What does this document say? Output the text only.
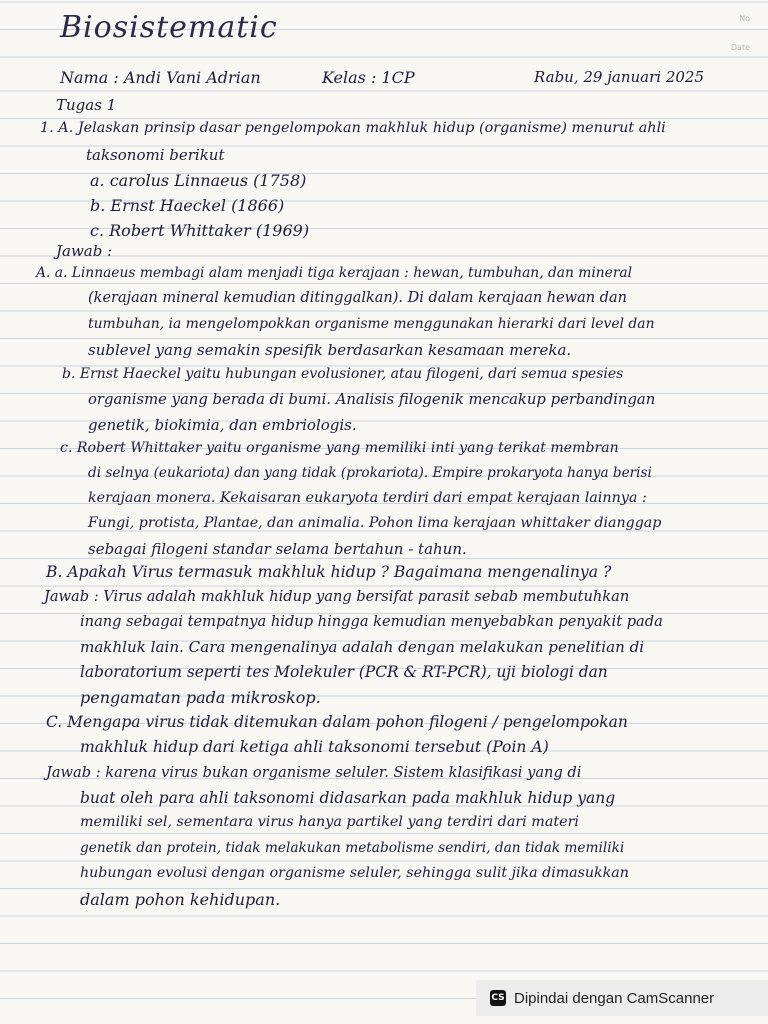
No
Date
Biosistematic
Nama : Andi Vani Adrian	Kelas : 1CP	Rabu, 29 januari 2025
Tugas 1
1. A. Jelaskan prinsip dasar pengelompokan makhluk hidup (organisme) menurut ahli
taksonomi berikut
a. carolus Linnaeus (1758)
b. Ernst Haeckel (1866)
c. Robert Whittaker (1969)
Jawab :
A. a. Linnaeus membagi alam menjadi tiga kerajaan : hewan, tumbuhan, dan mineral
(kerajaan mineral kemudian ditinggalkan). Di dalam kerajaan hewan dan
tumbuhan, ia mengelompokkan organisme menggunakan hierarki dari level dan
sublevel yang semakin spesifik berdasarkan kesamaan mereka.
b. Ernst Haeckel yaitu hubungan evolusioner, atau filogeni, dari semua spesies
organisme yang berada di bumi. Analisis filogenik mencakup perbandingan
genetik, biokimia, dan embriologis.
c. Robert Whittaker yaitu organisme yang memiliki inti yang terikat membran
di selnya (eukariota) dan yang tidak (prokariota). Empire prokaryota hanya berisi
kerajaan monera. Kekaisaran eukaryota terdiri dari empat kerajaan lainnya :
Fungi, protista, Plantae, dan animalia. Pohon lima kerajaan whittaker dianggap
sebagai filogeni standar selama bertahun - tahun.
B. Apakah Virus termasuk makhluk hidup ? Bagaimana mengenalinya ?
Jawab : Virus adalah makhluk hidup yang bersifat parasit sebab membutuhkan
inang sebagai tempatnya hidup hingga kemudian menyebabkan penyakit pada
makhluk lain. Cara mengenalinya adalah dengan melakukan penelitian di
laboratorium seperti tes Molekuler (PCR & RT-PCR), uji biologi dan
pengamatan pada mikroskop.
C. Mengapa virus tidak ditemukan dalam pohon filogeni / pengelompokan
makhluk hidup dari ketiga ahli taksonomi tersebut (Poin A)
Jawab : karena virus bukan organisme seluler. Sistem klasifikasi yang di
buat oleh para ahli taksonomi didasarkan pada makhluk hidup yang
memiliki sel, sementara virus hanya partikel yang terdiri dari materi
genetik dan protein, tidak melakukan metabolisme sendiri, dan tidak memiliki
hubungan evolusi dengan organisme seluler, sehingga sulit jika dimasukkan
dalam pohon kehidupan.
CS Dipindai dengan CamScanner
